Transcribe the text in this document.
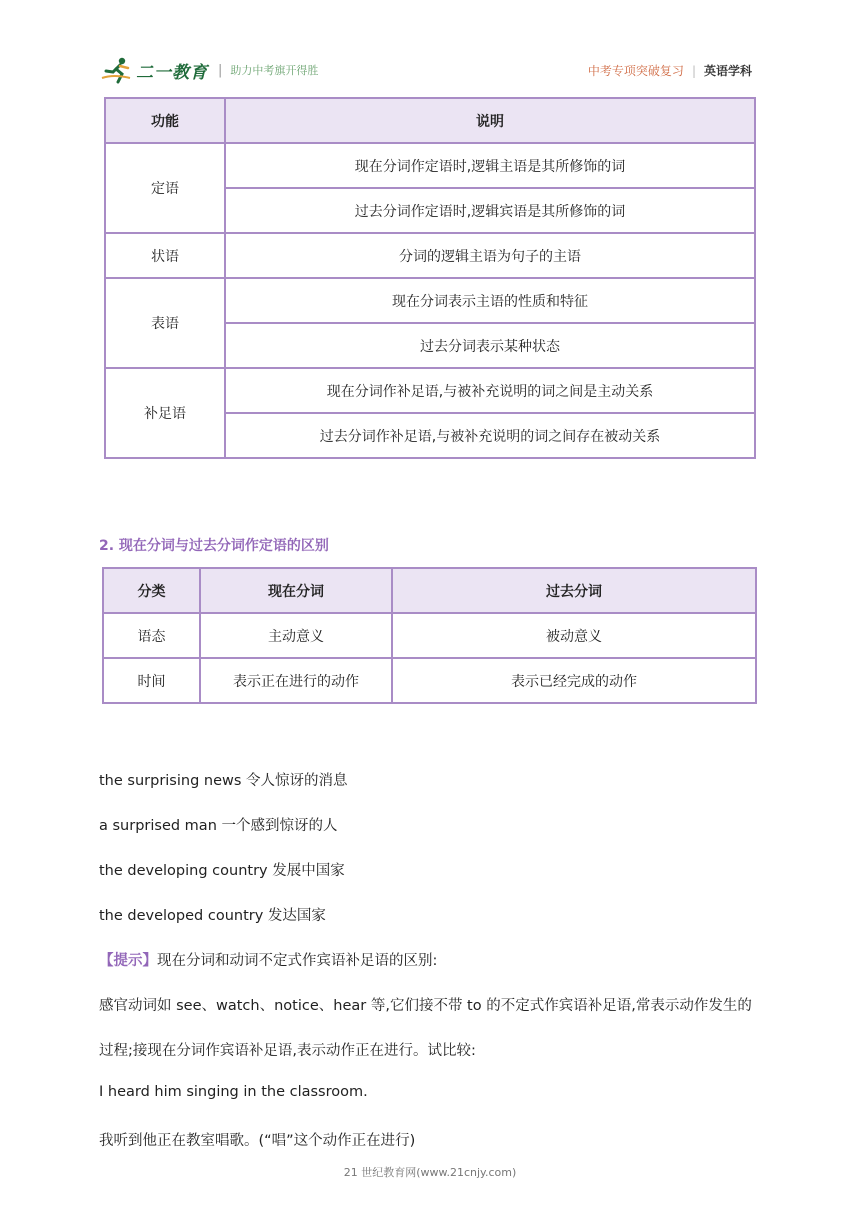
二一教育 | 助力中考旗开得胜	中考专项突破复习 | 英语学科
功能	说明
定语	现在分词作定语时,逻辑主语是其所修饰的词
	过去分词作定语时,逻辑宾语是其所修饰的词
状语	分词的逻辑主语为句子的主语
表语	现在分词表示主语的性质和特征
	过去分词表示某种状态
补足语	现在分词作补足语,与被补充说明的词之间是主动关系
	过去分词作补足语,与被补充说明的词之间存在被动关系
2. 现在分词与过去分词作定语的区别
分类	现在分词	过去分词
语态	主动意义	被动意义
时间	表示正在进行的动作	表示已经完成的动作
the surprising news 令人惊讶的消息
a surprised man 一个感到惊讶的人
the developing country 发展中国家
the developed country 发达国家
【提示】现在分词和动词不定式作宾语补足语的区别:
感官动词如 see、watch、notice、hear 等,它们接不带 to 的不定式作宾语补足语,常表示动作发生的
过程;接现在分词作宾语补足语,表示动作正在进行。试比较:
I heard him singing in the classroom.
我听到他正在教室唱歌。(“唱”这个动作正在进行)
21 世纪教育网(www.21cnjy.com)
